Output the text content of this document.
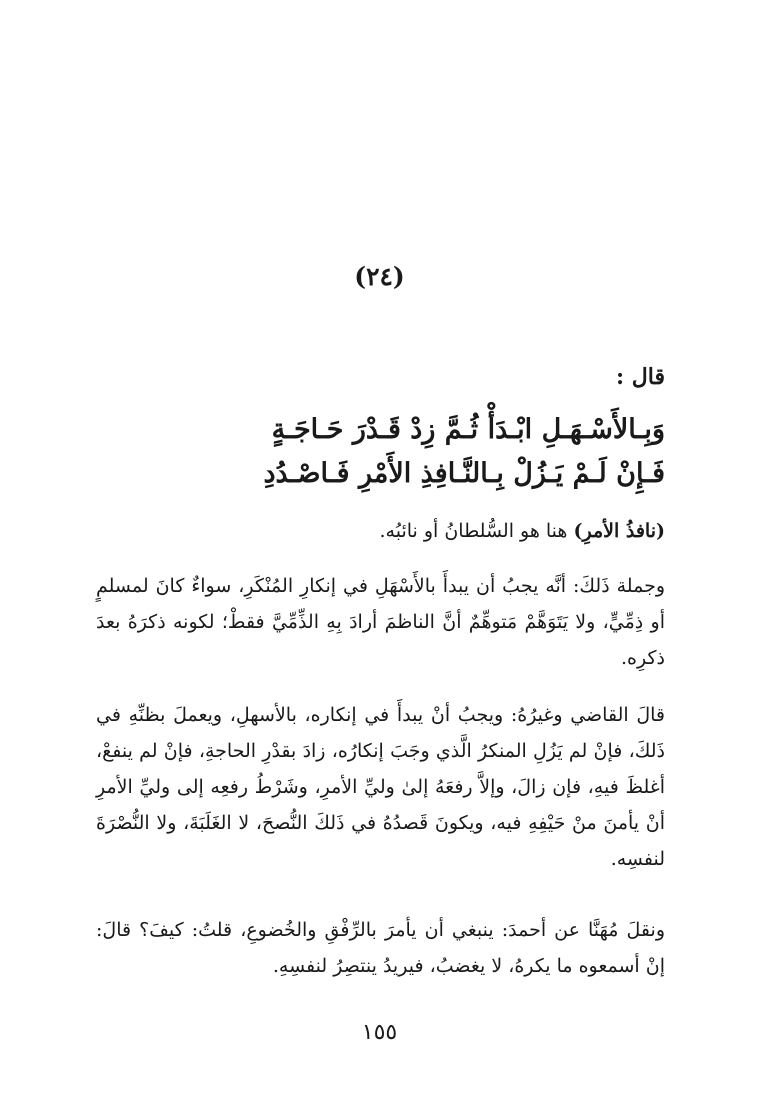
(٢٤)
قال :
وَبِـالأَسْـهَـلِ ابْـدَأْ ثُـمَّ زِدْ قَـدْرَ حَـاجَـةٍ
فَـإِنْ لَـمْ يَـزُلْ بِـالنَّـافِذِ الأَمْرِ فَـاصْـدُدِ
(نافذُ الأمرِ) هنا هو السُّلطانُ أو نائبُه.
وجملة ذَلكَ: أنَّه يجبُ أن يبدأَ بالأَسْهَلِ في إنكارِ المُنْكَرِ، سواءٌ كانَ لمسلمٍ أو ذِمِّيٍّ، ولا يَتَوَهَّمْ مَتوهِّمٌ أنَّ الناظمَ أرادَ بِهِ الذِّمِّيَّ فقطْ؛ لكونه ذكرَهُ بعدَ ذكرِه.
قالَ القاضي وغيرُهُ: ويجبُ أنْ يبدأَ في إنكاره، بالأسهلِ، ويعملَ بظنِّهِ في ذَلكَ، فإنْ لم يَزُلِ المنكرُ الَّذي وجَبَ إنكارُه، زادَ بقدْرِ الحاجةِ، فإنْ لم ينفعْ، أغلظَ فيهِ، فإن زالَ، وإلاَّ رفعَهُ إلىٰ وليِّ الأمرِ، وشَرْطُ رفعِه إلى وليِّ الأمرِ أنْ يأمنَ منْ حَيْفِهِ فيه، ويكونَ قَصدُهُ في ذَلكَ النُّصحَ، لا الغَلَبَةَ، ولا النُّصْرَةَ لنفسِه.
ونقلَ مُهَنَّا عن أحمدَ: ينبغي أن يأمرَ بالرِّفْقِ والخُضوعِ، قلتُ: كيفَ؟ قالَ: إنْ أسمعوه ما يكرهُ، لا يغضبُ، فيريدُ ينتصِرُ لنفسِهِ.
١٥٥
